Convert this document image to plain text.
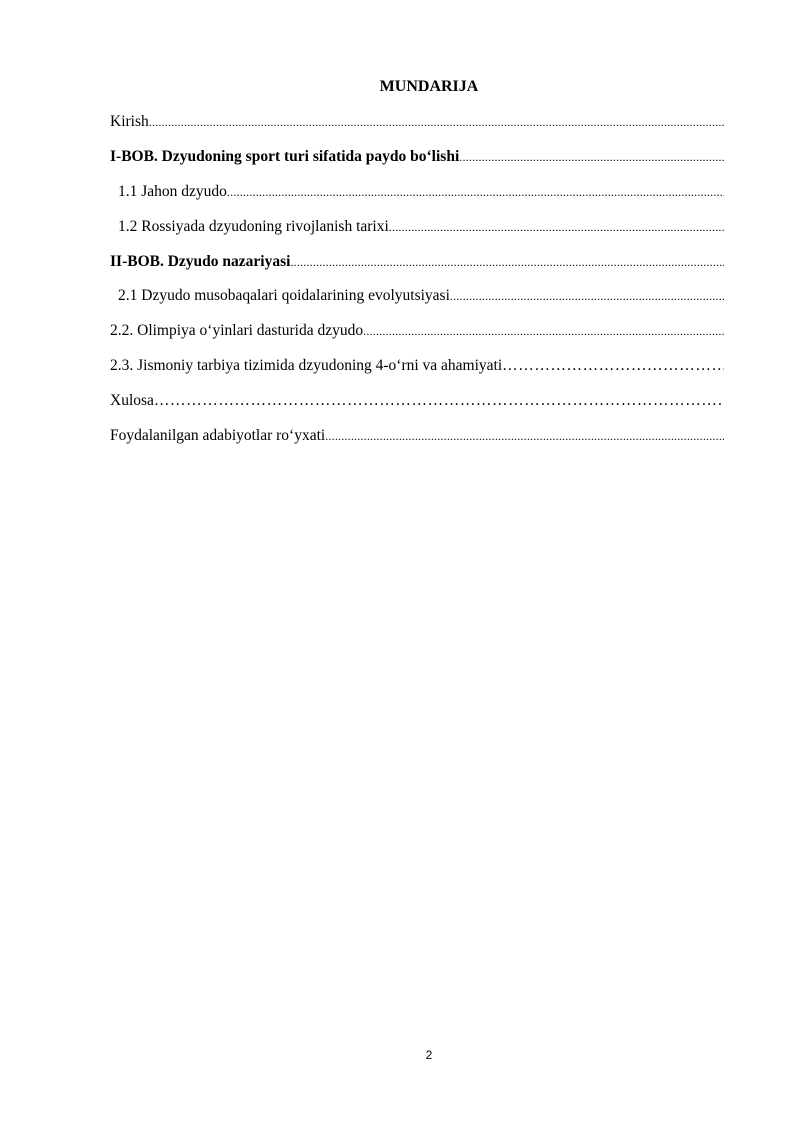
MUNDARIJA
Kirish
.....
I-BOB. Dzyudoning sport turi sifatida paydo bo‘lishi
.....
1.1 Jahon dzyudo
.....
1.2 Rossiyada dzyudoning rivojlanish tarixi
.....
II-BOB. Dzyudo nazariyasi
.....
2.1 Dzyudo musobaqalari qoidalarining evolyutsiyasi
.....
2.2. Olimpiya o‘yinlari dasturida dzyudo
.....
2.3. Jismoniy tarbiya tizimida dzyudoning 4-o‘rni va ahamiyati
…………………………………………………………………………………………………………………………
Xulosa
…………………………………………………………………………………………………………………………
Foydalanilgan adabiyotlar ro‘yxati
.....
2
